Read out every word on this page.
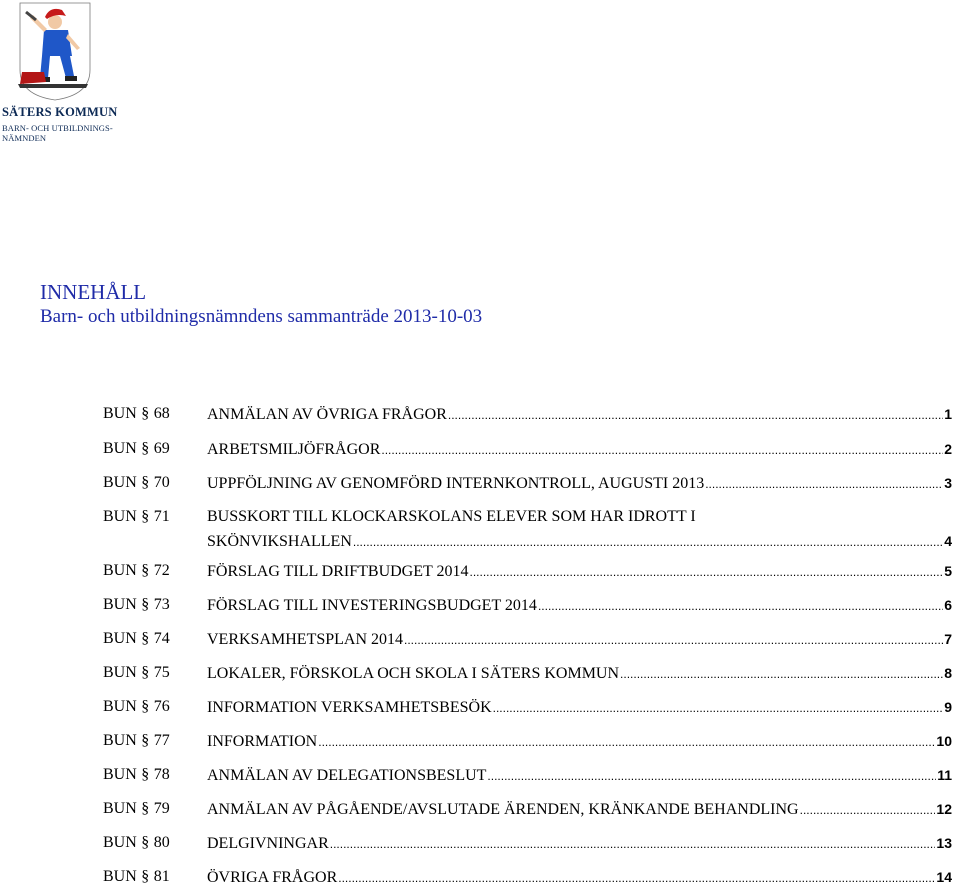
SÄTERS KOMMUN
BARN- OCH UTBILDNINGS-NÄMNDEN
INNEHÅLL
Barn- och utbildningsnämndens sammanträde 2013-10-03
BUN § 68 ANMÄLAN AV ÖVRIGA FRÅGOR .....	1
BUN § 69 ARBETSMILJÖFRÅGOR .....	2
BUN § 70 UPPFÖLJNING AV GENOMFÖRD INTERNKONTROLL, AUGUSTI 2013 .....	3
BUN § 71 BUSSKORT TILL KLOCKARSKOLANS ELEVER SOM HAR IDROTT I
SKÖNVIKSHALLEN .....	4
BUN § 72 FÖRSLAG TILL DRIFTBUDGET 2014 .....	5
BUN § 73 FÖRSLAG TILL INVESTERINGSBUDGET 2014 .....	6
BUN § 74 VERKSAMHETSPLAN 2014 .....	7
BUN § 75 LOKALER, FÖRSKOLA OCH SKOLA I SÄTERS KOMMUN .....	8
BUN § 76 INFORMATION VERKSAMHETSBESÖK .....	9
BUN § 77 INFORMATION .....	10
BUN § 78 ANMÄLAN AV DELEGATIONSBESLUT .....	11
BUN § 79 ANMÄLAN AV PÅGÅENDE/AVSLUTADE ÄRENDEN, KRÄNKANDE BEHANDLING .....	12
BUN § 80 DELGIVNINGAR .....	13
BUN § 81 ÖVRIGA FRÅGOR .....	14
